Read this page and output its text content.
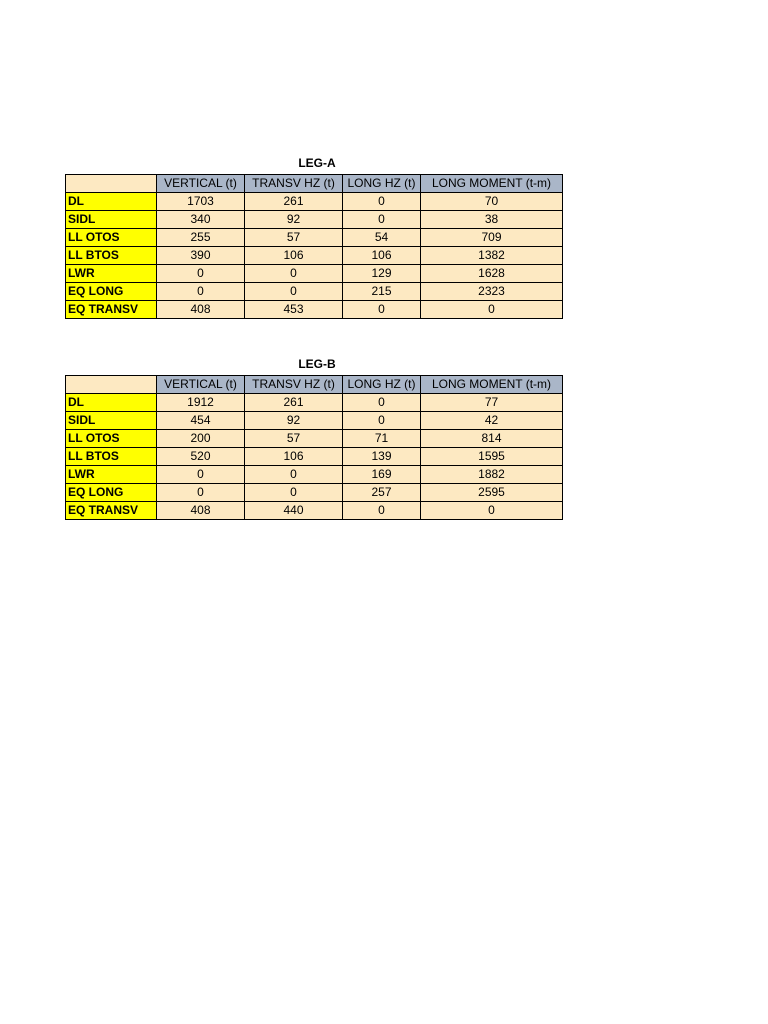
LEG-A
	VERTICAL (t)	TRANSV HZ (t)	LONG HZ (t)	LONG MOMENT (t-m)
DL	1703	261	0	70
SIDL	340	92	0	38
LL OTOS	255	57	54	709
LL BTOS	390	106	106	1382
LWR	0	0	129	1628
EQ LONG	0	0	215	2323
EQ TRANSV	408	453	0	0
LEG-B
	VERTICAL (t)	TRANSV HZ (t)	LONG HZ (t)	LONG MOMENT (t-m)
DL	1912	261	0	77
SIDL	454	92	0	42
LL OTOS	200	57	71	814
LL BTOS	520	106	139	1595
LWR	0	0	169	1882
EQ LONG	0	0	257	2595
EQ TRANSV	408	440	0	0
